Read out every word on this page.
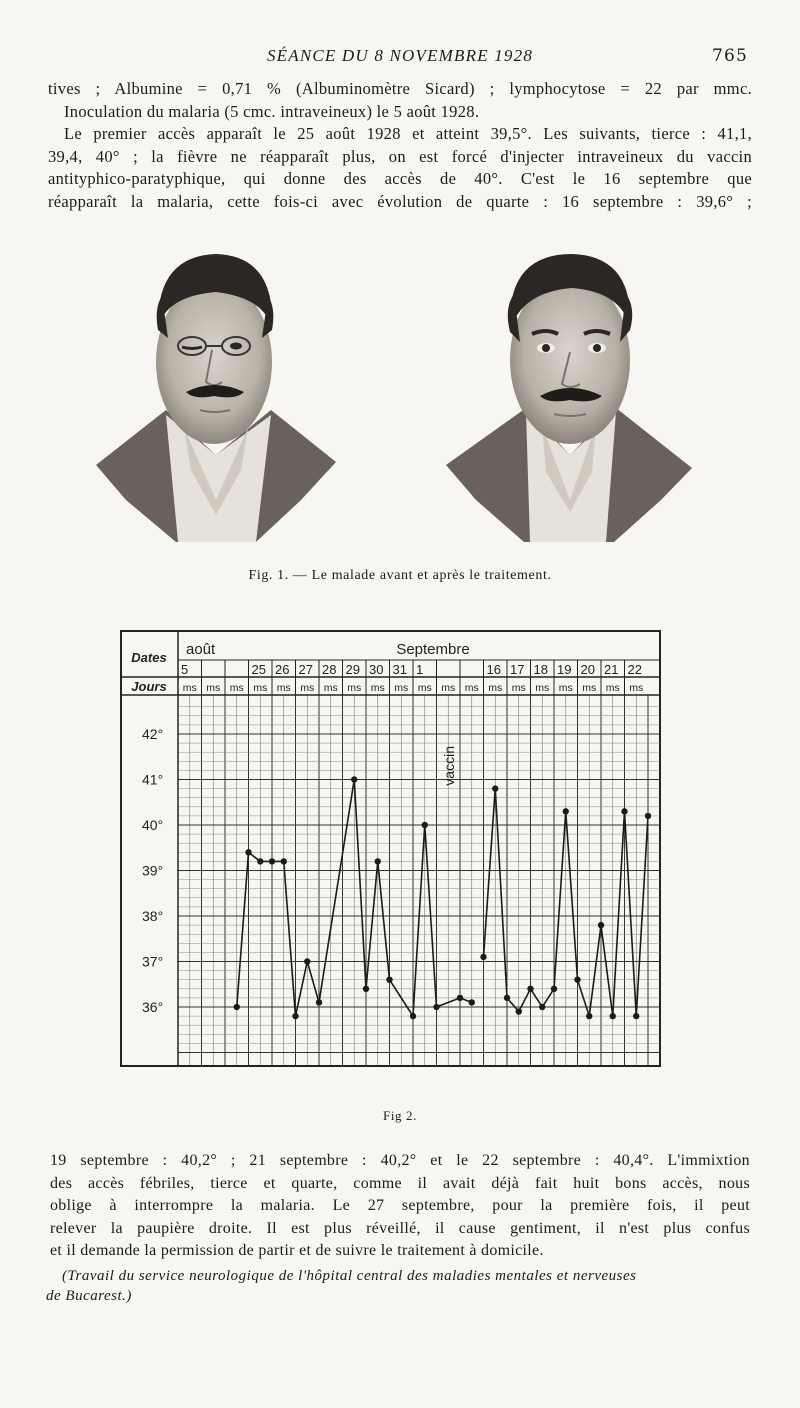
SÉANCE DU 8 NOVEMBRE 1928	765
tives ; Albumine = 0,71 % (Albuminomètre Sicard) ; lymphocytose = 22 par mmc.
Inoculation du malaria (5 cmc. intraveineux) le 5 août 1928.
Le premier accès apparaît le 25 août 1928 et atteint 39,5°. Les suivants, tierce : 41,1,
39,4, 40° ; la fièvre ne réapparaît plus, on est forcé d'injecter intraveineux du vaccin
antityphico-paratyphique, qui donne des accès de 40°. C'est le 16 septembre que
réapparaît la malaria, cette fois-ci avec évolution de quarte : 16 septembre : 39,6° ;
Fig. 1. — Le malade avant et après le traitement.
Dates
Jours
août	Septembre
5
ms ms ms
25
ms
26
ms
27
ms
28
ms
29
ms
30
ms
31
ms
1
ms ms ms
16
ms
17
ms
18
ms
19
ms
20
ms
21
ms
22
ms
42°
41°
40°
39°
38°
37°
36°
vaccin
Fig 2.
19 septembre : 40,2° ; 21 septembre : 40,2° et le 22 septembre : 40,4°. L'immixtion
des accès fébriles, tierce et quarte, comme il avait déjà fait huit bons accès, nous
oblige à interrompre la malaria. Le 27 septembre, pour la première fois, il peut
relever la paupière droite. Il est plus réveillé, il cause gentiment, il n'est plus confus
et il demande la permission de partir et de suivre le traitement à domicile.
(Travail du service neurologique de l'hôpital central des maladies mentales et nerveuses
de Bucarest.)
